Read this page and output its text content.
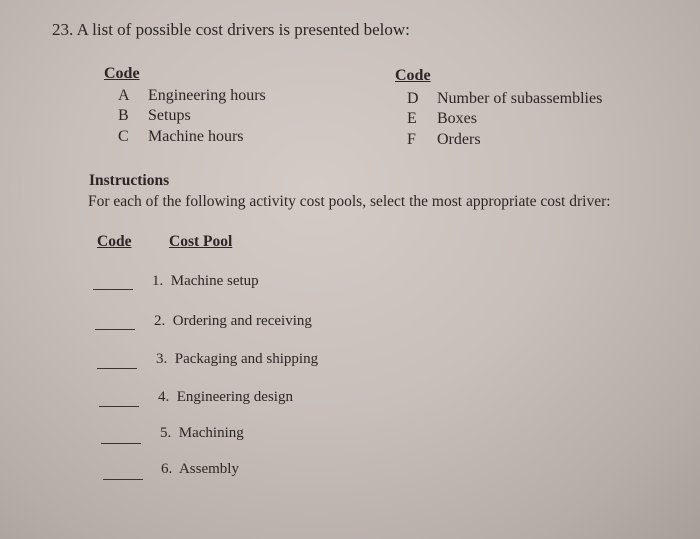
23. A list of possible cost drivers is presented below:
Code
A Engineering hours
B Setups
C Machine hours
Code
D Number of subassemblies
E Boxes
F Orders
Instructions
For each of the following activity cost pools, select the most appropriate cost driver:
Code Cost Pool
1. Machine setup
2. Ordering and receiving
3. Packaging and shipping
4. Engineering design
5. Machining
6. Assembly
